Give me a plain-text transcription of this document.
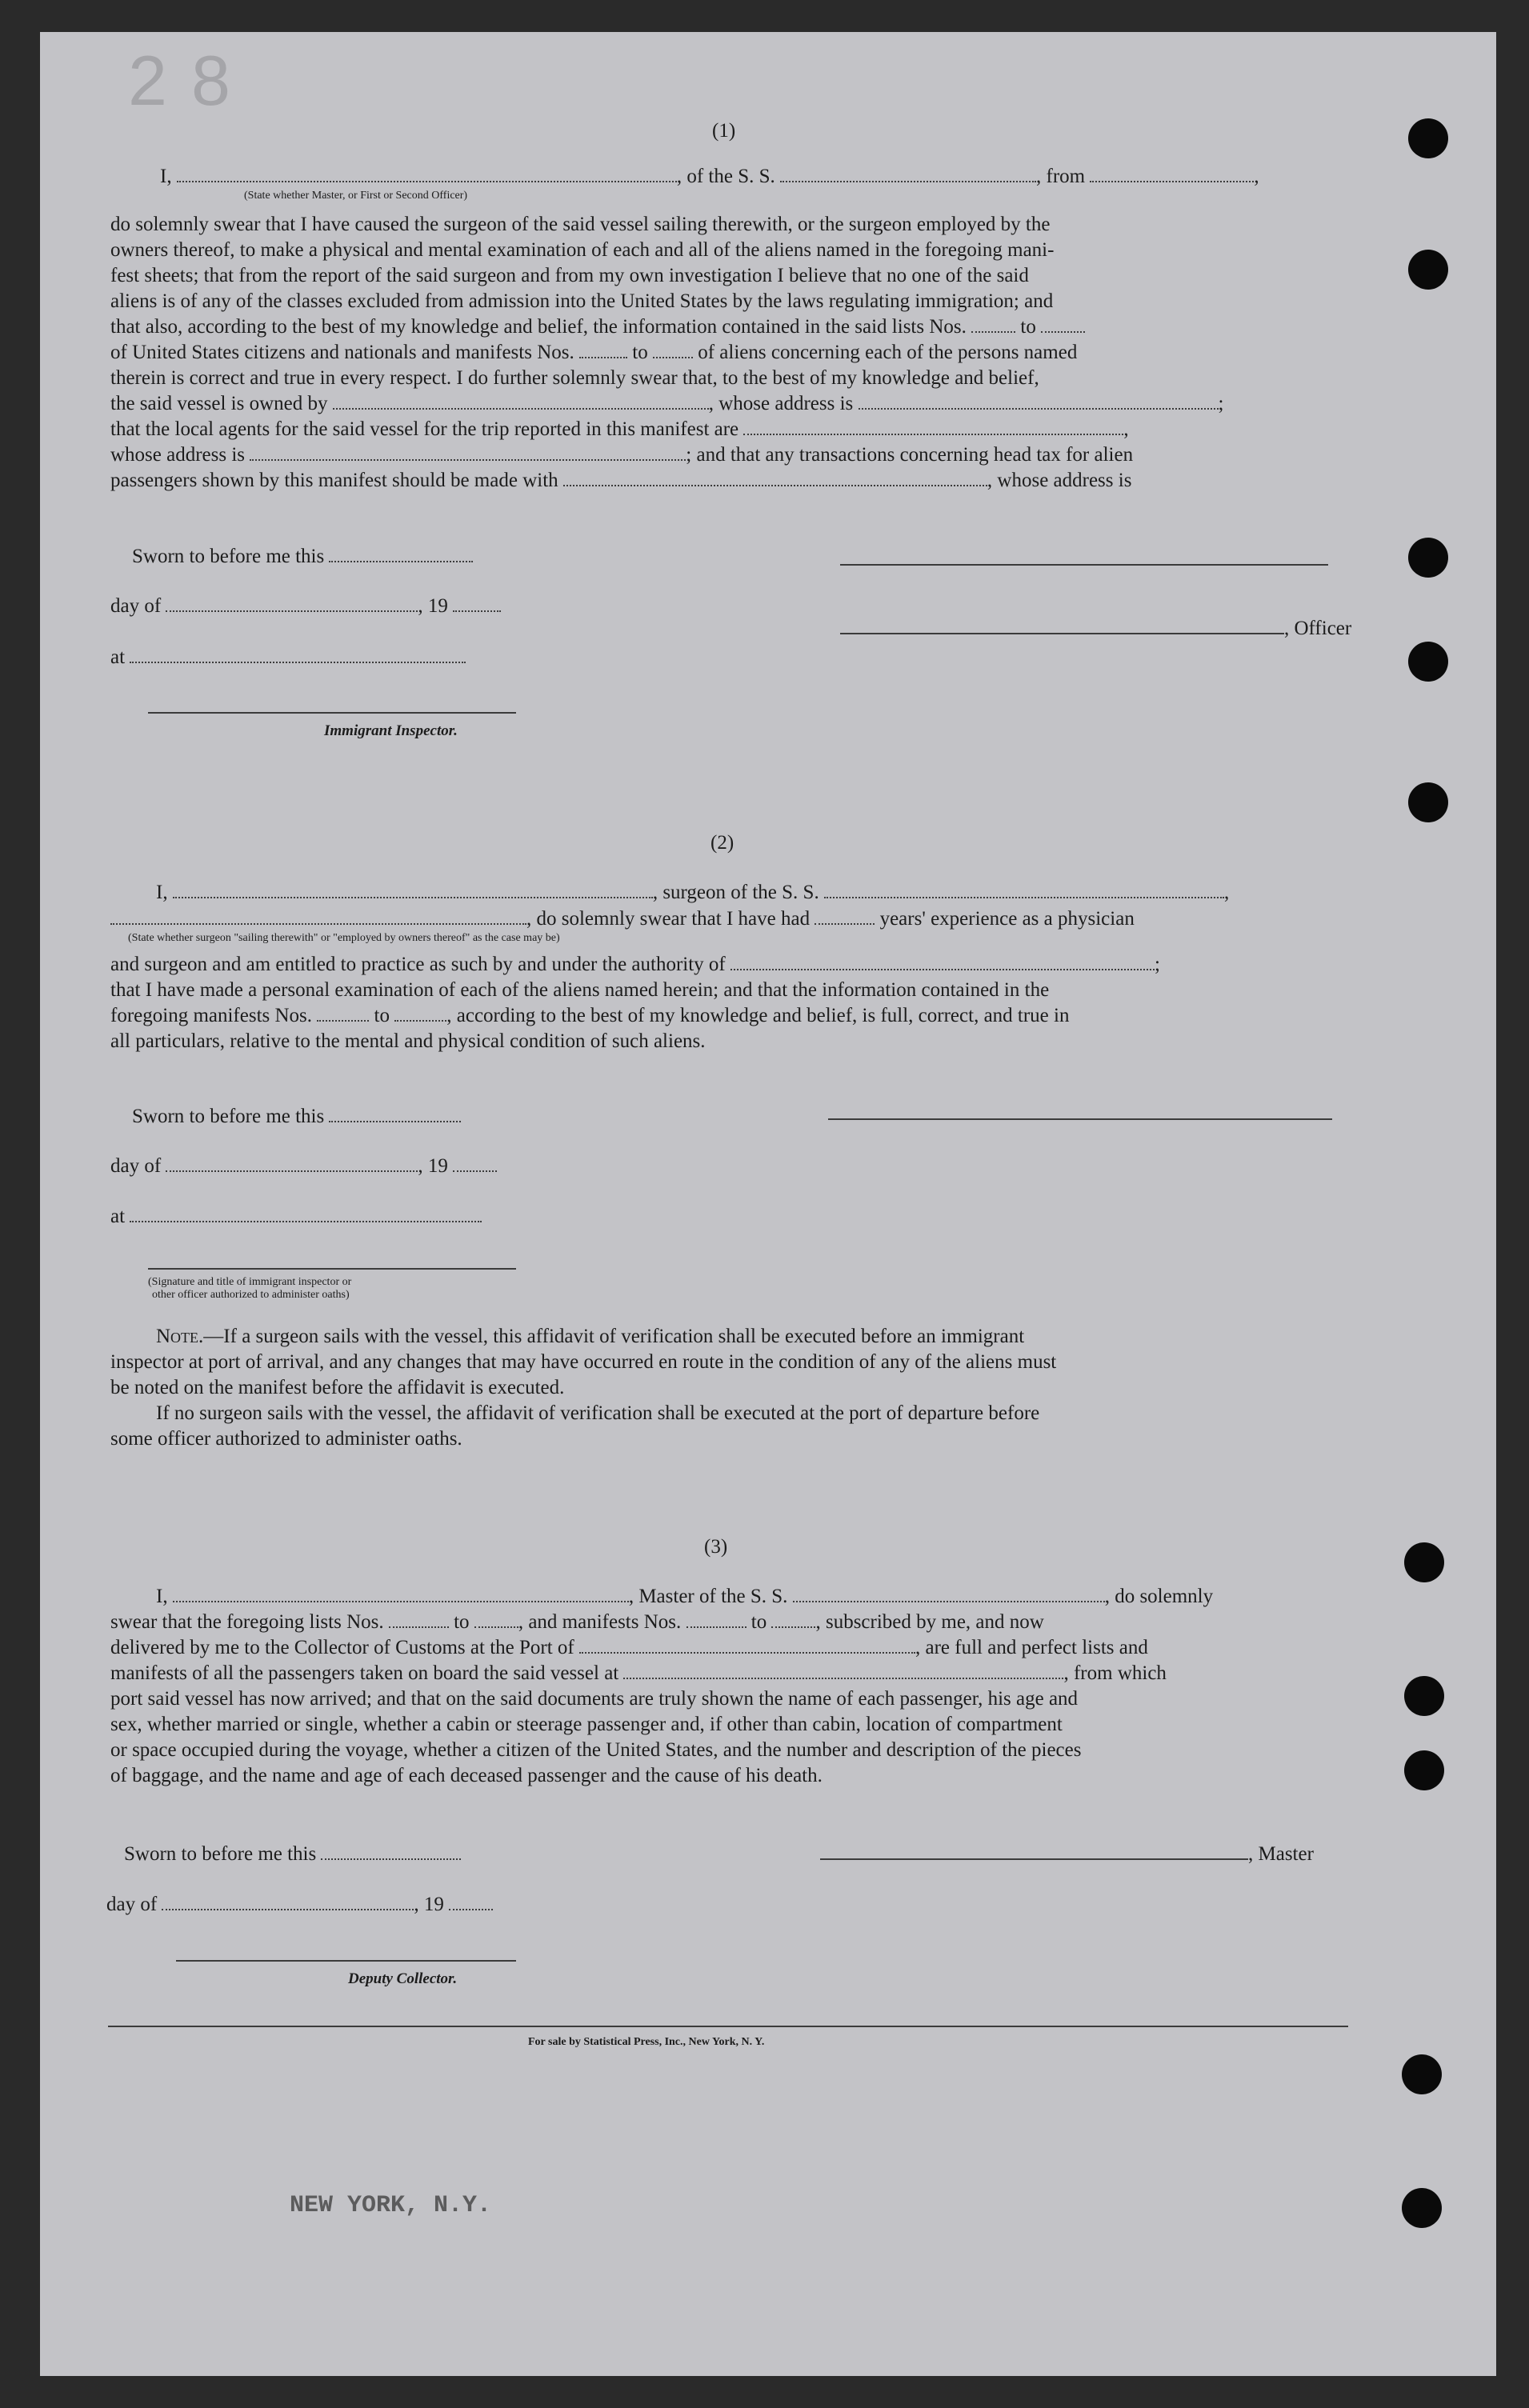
28
(1)
I,	, of the S. S.	, from	,
(State whether Master, or First or Second Officer)
do solemnly swear that I have caused the surgeon of the said vessel sailing therewith, or the surgeon employed by the
owners thereof, to make a physical and mental examination of each and all of the aliens named in the foregoing mani-
fest sheets; that from the report of the said surgeon and from my own investigation I believe that no one of the said
aliens is of any of the classes excluded from admission into the United States by the laws regulating immigration; and
that also, according to the best of my knowledge and belief, the information contained in the said lists Nos.	to
of United States citizens and nationals and manifests Nos.	to	of aliens concerning each of the persons named
therein is correct and true in every respect. I do further solemnly swear that, to the best of my knowledge and belief,
the said vessel is owned by	, whose address is	;
that the local agents for the said vessel for the trip reported in this manifest are	,
whose address is	; and that any transactions concerning head tax for alien
passengers shown by this manifest should be made with	, whose address is
Sworn to before me this
day of	, 19
at
Immigrant Inspector.
, Officer
(2)
I,	, surgeon of the S. S.	,
, do solemnly swear that I have had	years' experience as a physician
(State whether surgeon "sailing therewith" or "employed by owners thereof" as the case may be)
and surgeon and am entitled to practice as such by and under the authority of	;
that I have made a personal examination of each of the aliens named herein; and that the information contained in the
foregoing manifests Nos.	to	, according to the best of my knowledge and belief, is full, correct, and true in
all particulars, relative to the mental and physical condition of such aliens.
Sworn to before me this
day of	, 19
at
(Signature and title of immigrant inspector or
other officer authorized to administer oaths)
Note.—If a surgeon sails with the vessel, this affidavit of verification shall be executed before an immigrant
inspector at port of arrival, and any changes that may have occurred en route in the condition of any of the aliens must
be noted on the manifest before the affidavit is executed.
If no surgeon sails with the vessel, the affidavit of verification shall be executed at the port of departure before
some officer authorized to administer oaths.
(3)
I,	, Master of the S. S.	, do solemnly
swear that the foregoing lists Nos.	to , and manifests Nos.	to , subscribed by me, and now
delivered by me to the Collector of Customs at the Port of	, are full and perfect lists and
manifests of all the passengers taken on board the said vessel at	, from which
port said vessel has now arrived; and that on the said documents are truly shown the name of each passenger, his age and
sex, whether married or single, whether a cabin or steerage passenger and, if other than cabin, location of compartment
or space occupied during the voyage, whether a citizen of the United States, and the number and description of the pieces
of baggage, and the name and age of each deceased passenger and the cause of his death.
Sworn to before me this	, Master
day of	, 19
Deputy Collector.
For sale by Statistical Press, Inc., New York, N. Y.
NEW YORK, N.Y.
